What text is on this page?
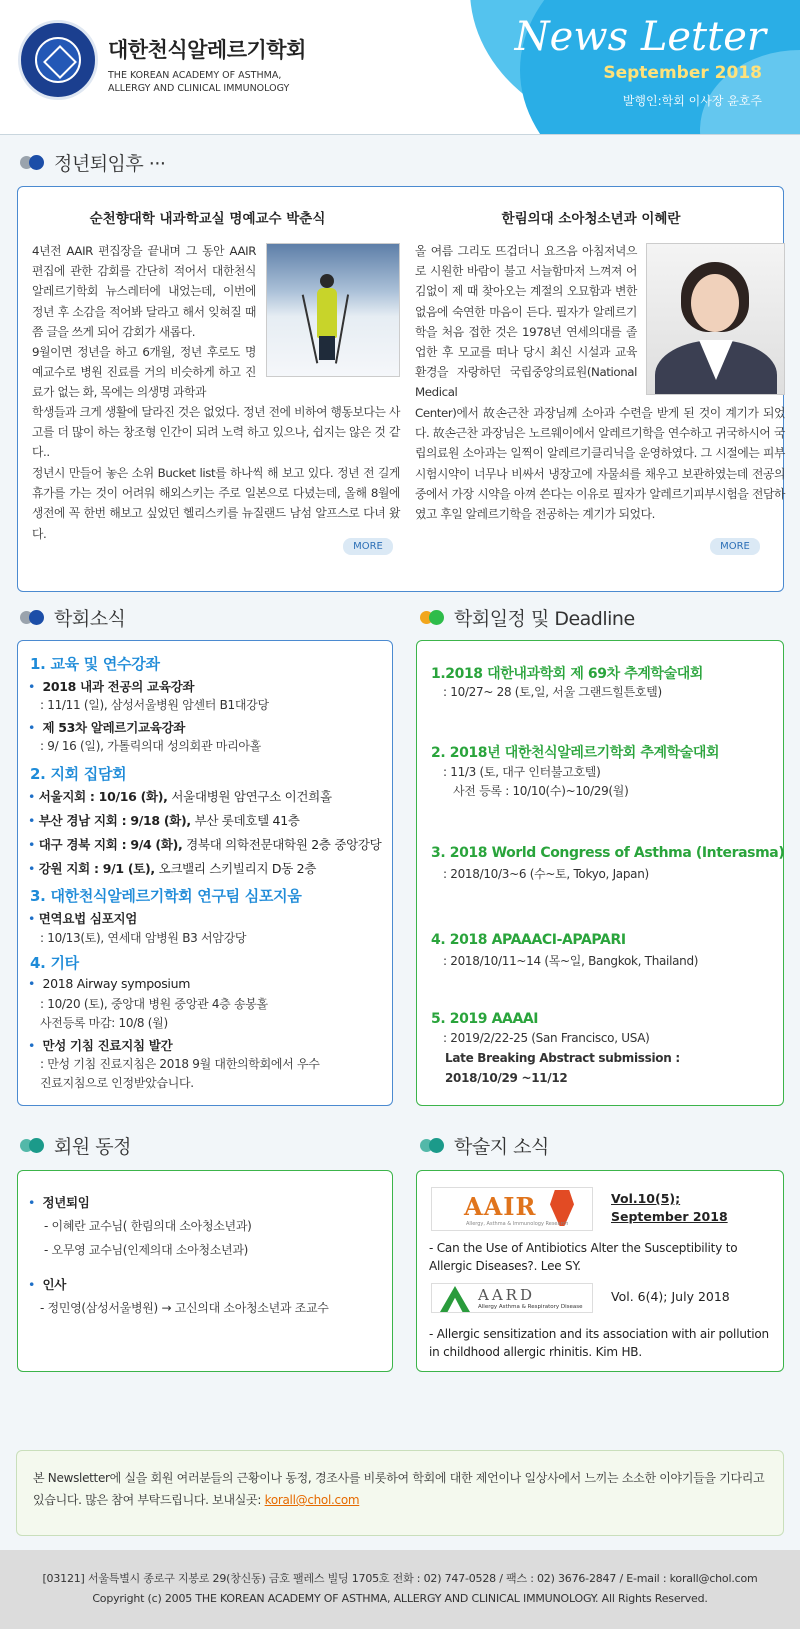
대한천식알레르기학회
THE KOREAN ACADEMY OF ASTHMA,
ALLERGY AND CLINICAL IMMUNOLOGY
News Letter
September 2018
발행인:학회 이사장 윤호주
정년퇴임후 ···
순천향대학 내과학교실 명예교수 박춘식
4년전 AAIR 편집장을 끝내며 그 동안 AAIR 편집에 관한 감회를 간단히 적어서 대한천식알레르기학회 뉴스레터에 내었는데, 이번에 정년 후 소감을 적어봐 달라고 해서 잊혀질 때쯤 글을 쓰게 되어 감회가 새롭다.
9월이면 정년을 하고 6개월, 정년 후로도 명예교수로 병원 진료를 거의 비슷하게 하고 진료가 없는 화, 목에는 의생명 과학과
학생들과 크게 생활에 달라진 것은 없었다. 정년 전에 비하여 행동보다는 사고를 더 많이 하는 창조형 인간이 되려 노력 하고 있으나, 쉽지는 않은 것 같다..
정년시 만들어 놓은 소위 Bucket list를 하나씩 해 보고 있다. 정년 전 길게 휴가를 가는 것이 어려워 해외스키는 주로 일본으로 다녔는데, 올해 8월에 생전에 꼭 한번 해보고 싶었던 헬리스키를 뉴질랜드 남섬 알프스로 다녀 왔다.
MORE
한림의대 소아청소년과 이혜란
올 여름 그리도 뜨겁더니 요즈음 아침저녁으로 시원한 바람이 불고 서늘함마저 느껴져 어김없이 제 때 찾아오는 계절의 오묘함과 변한없음에 숙연한 마음이 든다. 필자가 알레르기학을 처음 접한 것은 1978년 연세의대를 졸업한 후 모교를 떠나 당시 최신 시설과 교육 환경을 자랑하던 국립중앙의료원(National Medical
Center)에서 故손근찬 과장님께 소아과 수련을 받게 된 것이 계기가 되었다. 故손근찬 과장님은 노르웨이에서 알레르기학을 연수하고 귀국하시어 국립의료원 소아과는 일찍이 알레르기클리닉을 운영하였다. 그 시절에는 피부시험시약이 너무나 비싸서 냉장고에 자물쇠를 채우고 보관하였는데 전공의 중에서 가장 시약을 아껴 쓴다는 이유로 필자가 알레르기피부시험을 전담하였고 후일 알레르기학을 전공하는 계기가 되었다.
MORE
학회소식
1. 교육 및 연수강좌
• 2018 내과 전공의 교육강좌
: 11/11 (일), 삼성서울병원 암센터 B1대강당
• 제 53차 알레르기교육강좌
: 9/ 16 (일), 가톨릭의대 성의회관 마리아홀
2. 지회 집담회
• 서울지회 : 10/16 (화), 서울대병원 암연구소 이건희홀
• 부산 경남 지회 : 9/18 (화), 부산 롯데호텔 41층
• 대구 경북 지회 : 9/4 (화), 경북대 의학전문대학원 2층 중앙강당
• 강원 지회 : 9/1 (토), 오크밸리 스키빌리지 D동 2층
3. 대한천식알레르기학회 연구팀 심포지움
• 면역요법 심포지엄
: 10/13(토), 연세대 암병원 B3 서암강당
4. 기타
• 2018 Airway symposium
: 10/20 (토), 중앙대 병원 중앙관 4층 송봉홀
사전등록 마감: 10/8 (월)
• 만성 기침 진료지침 발간
: 만성 기침 진료지침은 2018 9월 대한의학회에서 우수
진료지침으로 인정받았습니다.
학회일정 및 Deadline
1.2018 대한내과학회 제 69차 추계학술대회
: 10/27~ 28 (토,일, 서울 그랜드힐튼호텔)
2. 2018년 대한천식알레르기학회 추계학술대회
: 11/3 (토, 대구 인터불고호텔)
사전 등록 : 10/10(수)~10/29(월)
3. 2018 World Congress of Asthma (Interasma)
: 2018/10/3~6 (수~토, Tokyo, Japan)
4. 2018 APAAACI-APAPARI
: 2018/10/11~14 (목~일, Bangkok, Thailand)
5. 2019 AAAAI
: 2019/2/22-25 (San Francisco, USA)
Late Breaking Abstract submission :
2018/10/29 ~11/12
회원 동정
• 정년퇴임
- 이혜란 교수님( 한림의대 소아청소년과)
- 오무영 교수님(인제의대 소아청소년과)
• 인사
- 정민영(삼성서울병원) → 고신의대 소아청소년과 조교수
학술지 소식
AAIR
Allergy, Asthma & Immunology Research
Vol.10(5);
September 2018
- Can the Use of Antibiotics Alter the Susceptibility to Allergic Diseases?. Lee SY.
AARD
Allergy Asthma & Respiratory Disease
Vol. 6(4); July 2018
- Allergic sensitization and its association with air pollution in childhood allergic rhinitis. Kim HB.
본 Newsletter에 실을 회원 여러분들의 근황이나 동정, 경조사를 비롯하여 학회에 대한 제언이나 일상사에서 느끼는 소소한 이야기들을 기다리고 있습니다. 많은 참여 부탁드립니다. 보내실곳: korall@chol.com
[03121] 서울특별시 종로구 지봉로 29(창신동) 금호 팰레스 빌딩 1705호 전화 : 02) 747-0528 / 팩스 : 02) 3676-2847 / E-mail : korall@chol.com
Copyright (c) 2005 THE KOREAN ACADEMY OF ASTHMA, ALLERGY AND CLINICAL IMMUNOLOGY. All Rights Reserved.
